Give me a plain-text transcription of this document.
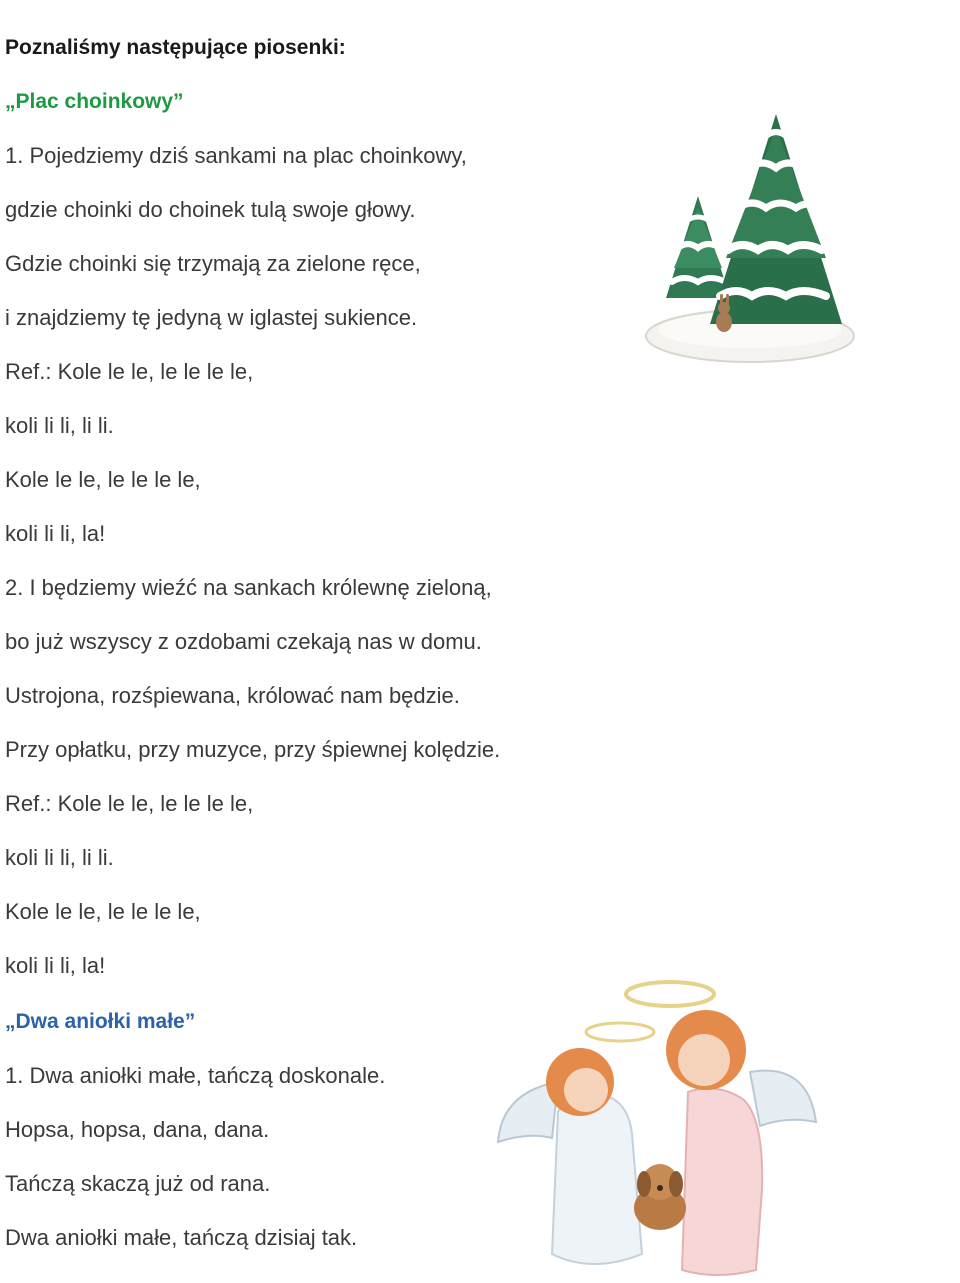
Poznaliśmy następujące piosenki:
„Plac choinkowy”
1. Pojedziemy dziś sankami na plac choinkowy,
gdzie choinki do choinek tulą swoje głowy.
Gdzie choinki się trzymają za zielone ręce,
i znajdziemy tę jedyną w iglastej sukience.
Ref.: Kole le le, le le le le,
koli li li, li li.
Kole le le, le le le le,
koli li li, la!
2. I będziemy wieźć na sankach królewnę zieloną,
bo już wszyscy z ozdobami czekają nas w domu.
Ustrojona, rozśpiewana, królować nam będzie.
Przy opłatku, przy muzyce, przy śpiewnej kolędzie.
Ref.: Kole le le, le le le le,
koli li li, li li.
Kole le le, le le le le,
koli li li, la!
„Dwa aniołki małe”
1. Dwa aniołki małe, tańczą doskonale.
Hopsa, hopsa, dana, dana.
Tańczą skaczą już od rana.
Dwa aniołki małe, tańczą dzisiaj tak.
